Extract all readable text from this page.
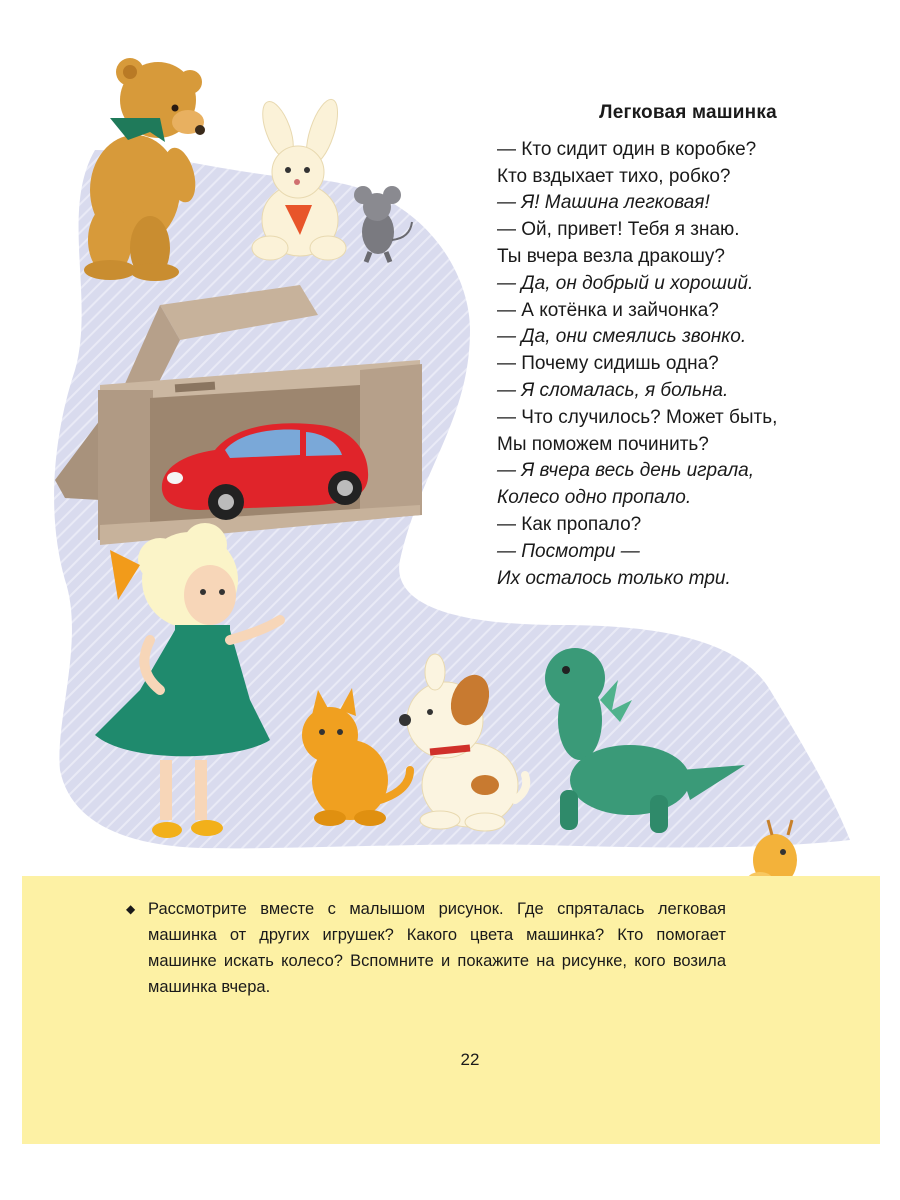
Легковая машинка
— Кто сидит один в коробке?
Кто вздыхает тихо, робко?
— Я! Машина легковая!
— Ой, привет! Тебя я знаю.
Ты вчера везла дракошу?
— Да, он добрый и хороший.
— А котёнка и зайчонка?
— Да, они смеялись звонко.
— Почему сидишь одна?
— Я сломалась, я больна.
— Что случилось? Может быть,
Мы поможем починить?
— Я вчера весь день играла,
Колесо одно пропало.
— Как пропало?
— Посмотри —
Их осталось только три.
◆ Рассмотрите вместе с малышом рисунок. Где спряталась легковая машинка от других игрушек? Какого цвета машинка? Кто помогает машинке искать колесо? Вспомните и покажите на рисунке, кого возила машинка вчера.
22
